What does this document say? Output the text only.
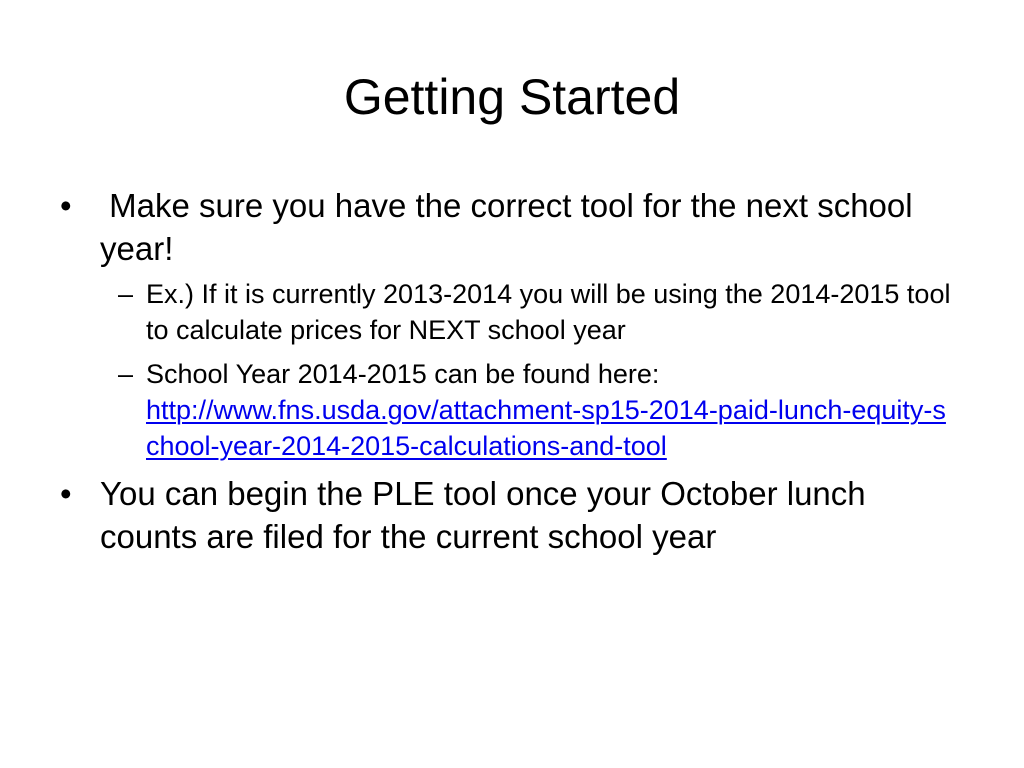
Getting Started
• Make sure you have the correct tool for the next school year!
– Ex.) If it is currently 2013-2014 you will be using the 2014-2015 tool to calculate prices for NEXT school year
– School Year 2014-2015 can be found here:
http://www.fns.usda.gov/attachment-sp15-2014-paid-lunch-equity-school-year-2014-2015-calculations-and-tool
• You can begin the PLE tool once your October lunch counts are filed for the current school year
